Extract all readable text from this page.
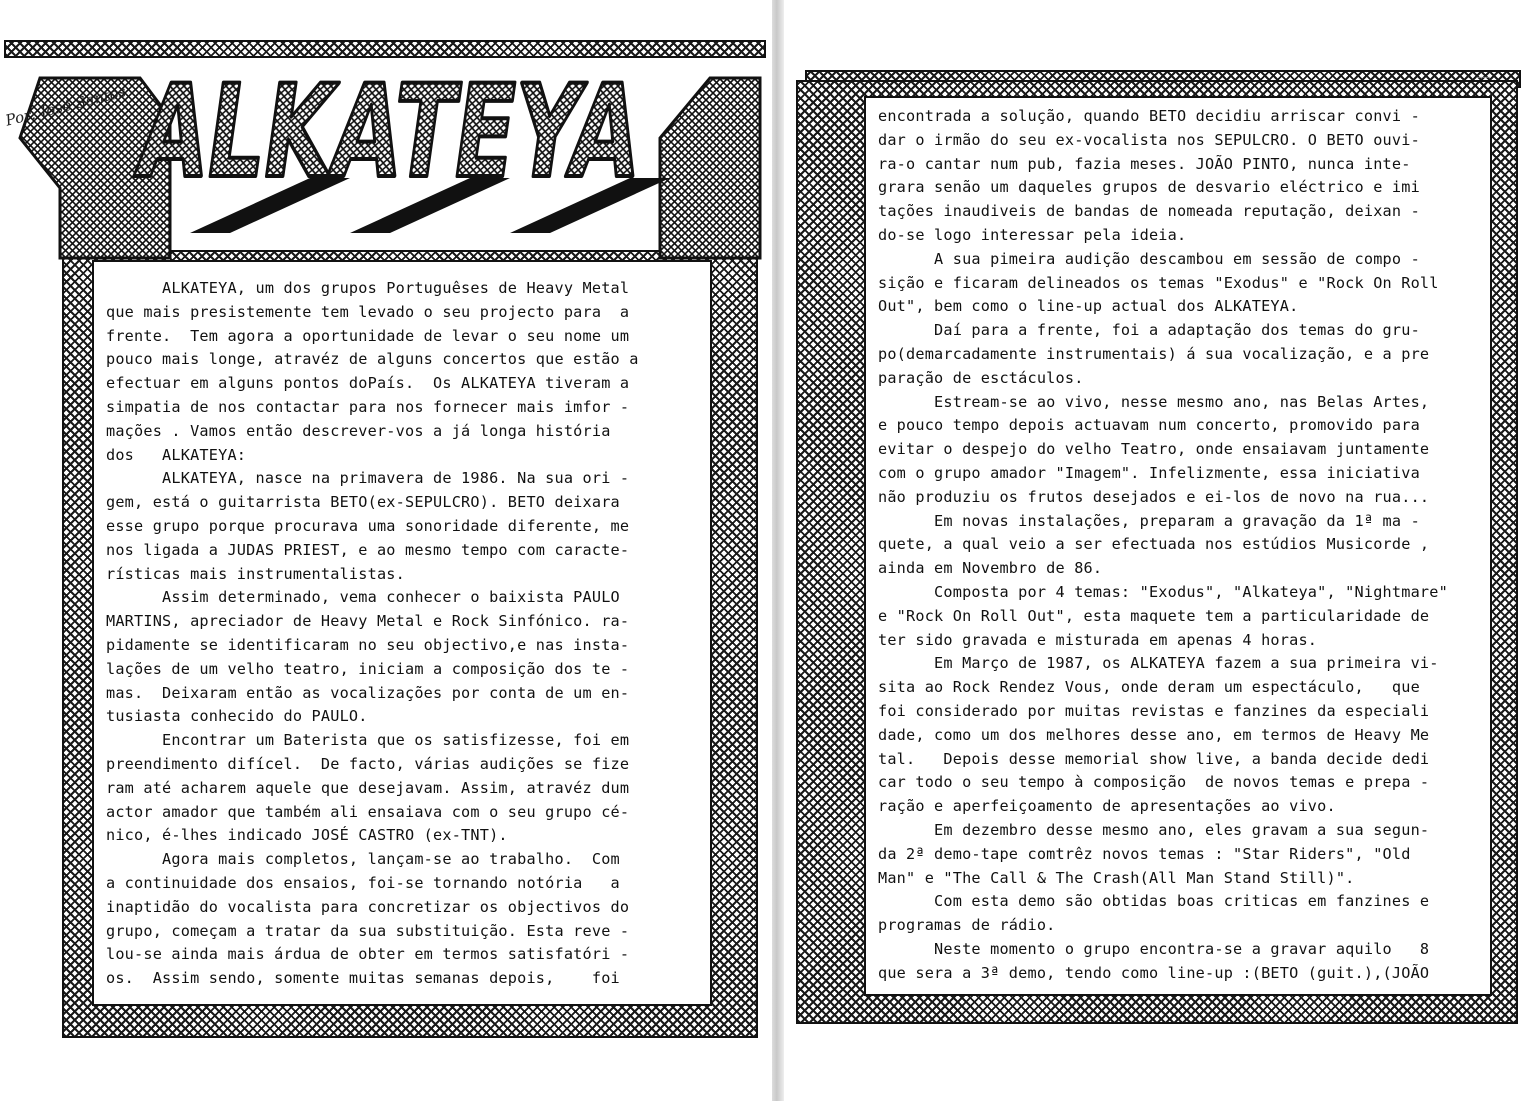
ALKATEYA
Por: José Santos
ALKATEYA, um dos grupos Portuguêses de Heavy Metal
que mais presistemente tem levado o seu projecto para  a
frente.  Tem agora a oportunidade de levar o seu nome um
pouco mais longe, atravéz de alguns concertos que estão a
efectuar em alguns pontos doPaís.  Os ALKATEYA tiveram a
simpatia de nos contactar para nos fornecer mais imfor -
mações . Vamos então descrever-vos a já longa história
dos   ALKATEYA:
ALKATEYA, nasce na primavera de 1986. Na sua ori -
gem, está o guitarrista BETO(ex-SEPULCRO). BETO deixara
esse grupo porque procurava uma sonoridade diferente, me
nos ligada a JUDAS PRIEST, e ao mesmo tempo com caracte-
rísticas mais instrumentalistas.
Assim determinado, vema conhecer o baixista PAULO
MARTINS, apreciador de Heavy Metal e Rock Sinfónico. ra-
pidamente se identificaram no seu objectivo,e nas insta-
lações de um velho teatro, iniciam a composição dos te -
mas.  Deixaram então as vocalizações por conta de um en-
tusiasta conhecido do PAULO.
Encontrar um Baterista que os satisfizesse, foi em
preendimento difícel.  De facto, várias audições se fize
ram até acharem aquele que desejavam. Assim, atravéz dum
actor amador que também ali ensaiava com o seu grupo cé-
nico, é-lhes indicado JOSÉ CASTRO (ex-TNT).
Agora mais completos, lançam-se ao trabalho.  Com
a continuidade dos ensaios, foi-se tornando notória   a
inaptidão do vocalista para concretizar os objectivos do
grupo, começam a tratar da sua substituição. Esta reve -
lou-se ainda mais árdua de obter em termos satisfatóri -
os.  Assim sendo, somente muitas semanas depois,    foi
——
encontrada a solução, quando BETO decidiu arriscar convi -
dar o irmão do seu ex-vocalista nos SEPULCRO. O BETO ouvi-
ra-o cantar num pub, fazia meses. JOÃO PINTO, nunca inte-
grara senão um daqueles grupos de desvario eléctrico e imi
tações inaudiveis de bandas de nomeada reputação, deixan -
do-se logo interessar pela ideia.
A sua pimeira audição descambou em sessão de compo -
sição e ficaram delineados os temas "Exodus" e "Rock On Roll
Out", bem como o line-up actual dos ALKATEYA.
Daí para a frente, foi a adaptação dos temas do gru-
po(demarcadamente instrumentais) á sua vocalização, e a pre
paração de esctáculos.
Estream-se ao vivo, nesse mesmo ano, nas Belas Artes,
e pouco tempo depois actuavam num concerto, promovido para
evitar o despejo do velho Teatro, onde ensaiavam juntamente
com o grupo amador "Imagem". Infelizmente, essa iniciativa
não produziu os frutos desejados e ei-los de novo na rua...
Em novas instalações, preparam a gravação da 1ª ma -
quete, a qual veio a ser efectuada nos estúdios Musicorde ,
ainda em Novembro de 86.
Composta por 4 temas: "Exodus", "Alkateya", "Nightmare"
e "Rock On Roll Out", esta maquete tem a particularidade de
ter sido gravada e misturada em apenas 4 horas.
Em Março de 1987, os ALKATEYA fazem a sua primeira vi-
sita ao Rock Rendez Vous, onde deram um espectáculo,   que
foi considerado por muitas revistas e fanzines da especiali
dade, como um dos melhores desse ano, em termos de Heavy Me
tal.   Depois desse memorial show live, a banda decide dedi
car todo o seu tempo à composição  de novos temas e prepa -
ração e aperfeiçoamento de apresentações ao vivo.
Em dezembro desse mesmo ano, eles gravam a sua segun-
da 2ª demo-tape comtrêz novos temas : "Star Riders", "Old
Man" e "The Call & The Crash(All Man Stand Still)".
Com esta demo são obtidas boas criticas em fanzines e
programas de rádio.
Neste momento o grupo encontra-se a gravar aquilo   8
que sera a 3ª demo, tendo como line-up :(BETO (guit.),(JOÃO
